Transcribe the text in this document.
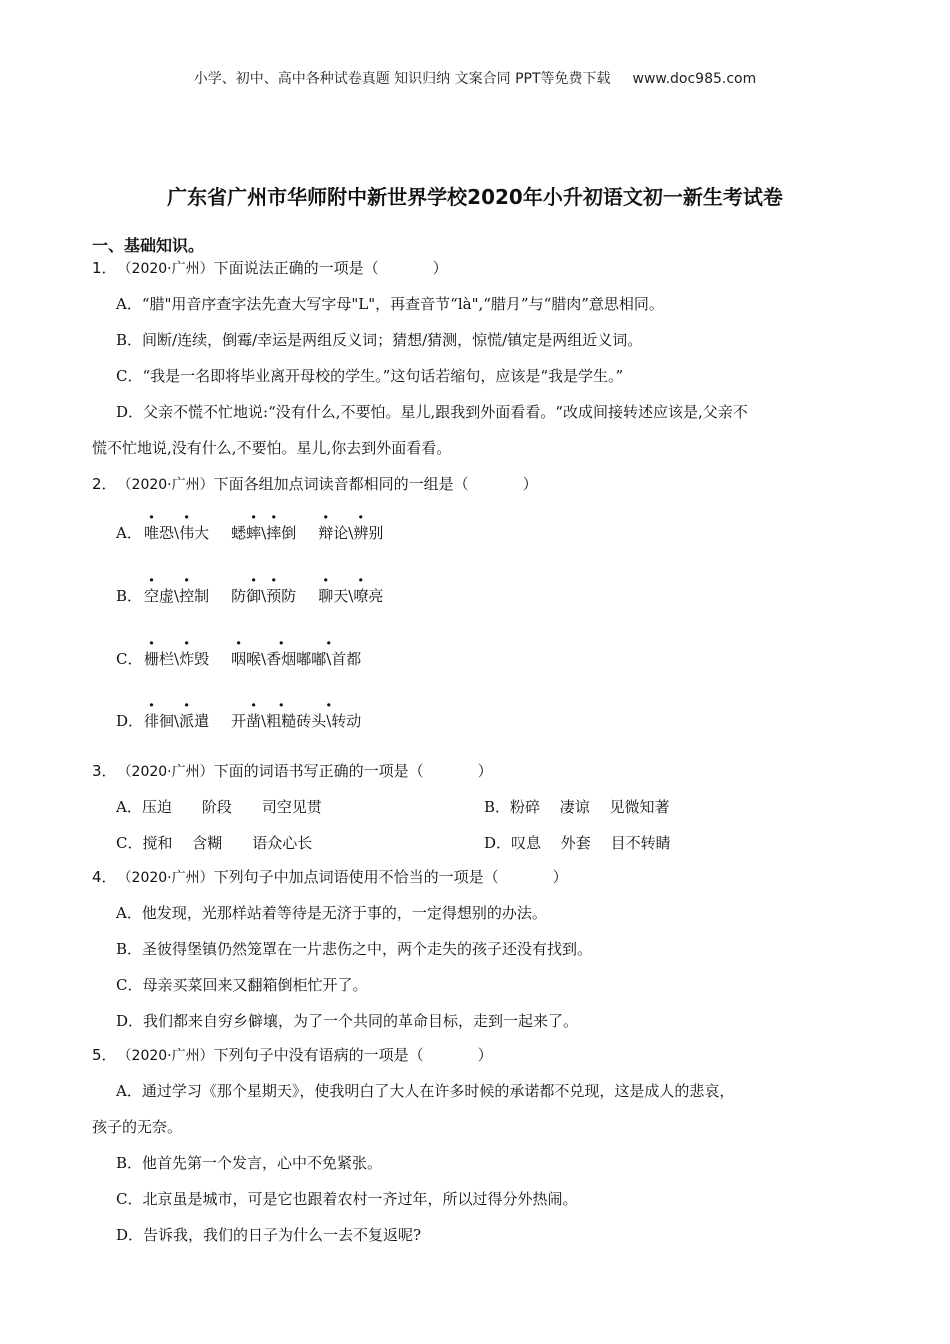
小学、初中、高中各种试卷真题 知识归纳 文案合同 PPT等免费下载 www.doc985.com
广东省广州市华师附中新世界学校2020年小升初语文初一新生考试卷
一、基础知识。
1． （2020·广州）下面说法正确的一项是（	）
A．“腊"用音序查字法先查大写字母"L"，再查音节“là",“腊月”与“腊肉”意思相同。
B．间断/连续，倒霉/幸运是两组反义词；猜想/猜测，惊慌/镇定是两组近义词。
C．“我是一名即将毕业离开母校的学生。”这句话若缩句，应该是“我是学生。”
D．父亲不慌不忙地说:“没有什么,不要怕。星儿,跟我到外面看看。“改成间接转述应该是,父亲不
慌不忙地说,没有什么,不要怕。星儿,你去到外面看看。
2． （2020·广州）下面各组加点词读音都相同的一组是（	）
A． 唯恐\伟大 蟋蟀\摔倒 辩论\辨别
B． 空虚\控制 防御\预防 聊天\嘹亮
C． 栅栏\炸毁 咽喉\香烟· 嘟嘟\首都
D．徘徊\派遣 开凿\粗糙· 砖头\转动
3． （2020·广州）下面的词语书写正确的一项是（	）
A．压迫　　阶段　　司空见贯	B．粉碎　 凄谅　 见微知著
C．搅和　 含糊　　语众心长	D．叹息　 外套　 目不转睛
4． （2020·广州）下列句子中加点词语使用不恰当的一项是（	）
A．他发现，光那样站着等待是无济于事的，一定得想别的办法。
B．圣彼得堡镇仍然笼罩在一片悲伤之中，两个走失的孩子还没有找到。
C．母亲买菜回来又翻箱倒柜忙开了。
D．我们都来自穷乡僻壤，为了一个共同的革命目标，走到一起来了。
5． （2020·广州）下列句子中没有语病的一项是（	）
A．通过学习《那个星期天》，使我明白了大人在许多时候的承诺都不兑现，这是成人的悲哀，
孩子的无奈。
B．他首先第一个发言，心中不免紧张。
C．北京虽是城市，可是它也跟着农村一齐过年，所以过得分外热闹。
D．告诉我，我们的日子为什么一去不复返呢?
